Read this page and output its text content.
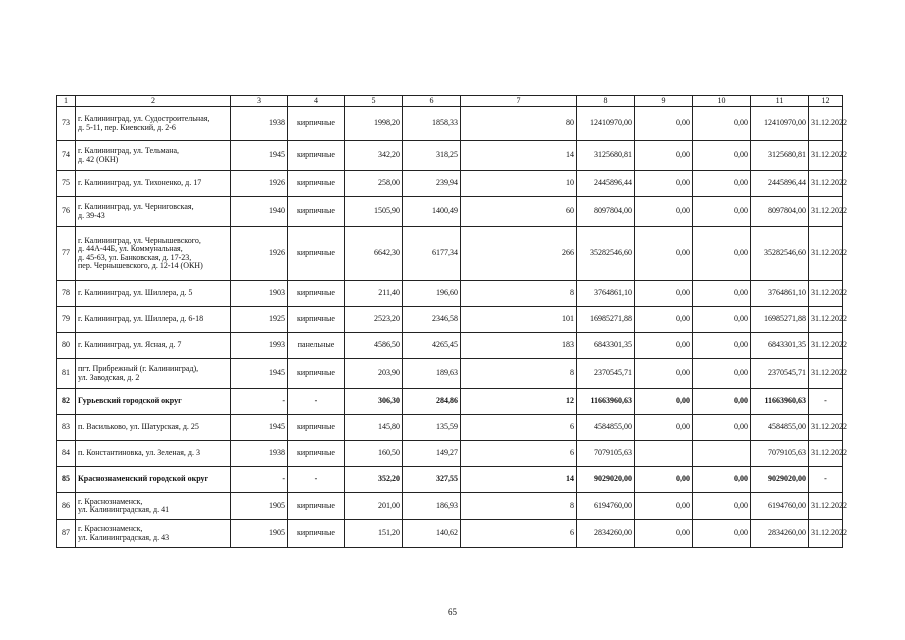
1	2	3	4	5	6	7	8	9	10	11	12
73	г. Калининград, ул. Судостроительная,
д. 5-11, пер. Киевский, д. 2-6	1938	кирпичные	1998,20	1858,33	80	12410970,00	0,00	0,00	12410970,00	31.12.2022
74	г. Калининград, ул. Тельмана,
д. 42 (ОКН)	1945	кирпичные	342,20	318,25	14	3125680,81	0,00	0,00	3125680,81	31.12.2022
75	г. Калининград, ул. Тихоненко, д. 17	1926	кирпичные	258,00	239,94	10	2445896,44	0,00	0,00	2445896,44	31.12.2022
76	г. Калининград, ул. Черниговская,
д. 39-43	1940	кирпичные	1505,90	1400,49	60	8097804,00	0,00	0,00	8097804,00	31.12.2022
77	г. Калининград, ул. Чернышевского,
д. 44А-44Б, ул. Коммунальная,
д. 45-63, ул. Банковская, д. 17-23,
пер. Чернышевского, д. 12-14 (ОКН)	1926	кирпичные	6642,30	6177,34	266	35282546,60	0,00	0,00	35282546,60	31.12.2022
78	г. Калининград, ул. Шиллера, д. 5	1903	кирпичные	211,40	196,60	8	3764861,10	0,00	0,00	3764861,10	31.12.2022
79	г. Калининград, ул. Шиллера, д. 6-18	1925	кирпичные	2523,20	2346,58	101	16985271,88	0,00	0,00	16985271,88	31.12.2022
80	г. Калининград, ул. Ясная, д. 7	1993	панельные	4586,50	4265,45	183	6843301,35	0,00	0,00	6843301,35	31.12.2022
81	пгт. Прибрежный (г. Калининград),
ул. Заводская, д. 2	1945	кирпичные	203,90	189,63	8	2370545,71	0,00	0,00	2370545,71	31.12.2022
82	Гурьевский городской округ	-	-	306,30	284,86	12	11663960,63	0,00	0,00	11663960,63	-
83	п. Васильково, ул. Шатурская, д. 25	1945	кирпичные	145,80	135,59	6	4584855,00	0,00	0,00	4584855,00	31.12.2022
84	п. Константиновка, ул. Зеленая, д. 3	1938	кирпичные	160,50	149,27	6	7079105,63			7079105,63	31.12.2022
85	Краснознаменский городской округ	-	-	352,20	327,55	14	9029020,00	0,00	0,00	9029020,00	-
86	г. Краснознаменск,
ул. Калининградская, д. 41	1905	кирпичные	201,00	186,93	8	6194760,00	0,00	0,00	6194760,00	31.12.2022
87	г. Краснознаменск,
ул. Калининградская, д. 43	1905	кирпичные	151,20	140,62	6	2834260,00	0,00	0,00	2834260,00	31.12.2022
65
